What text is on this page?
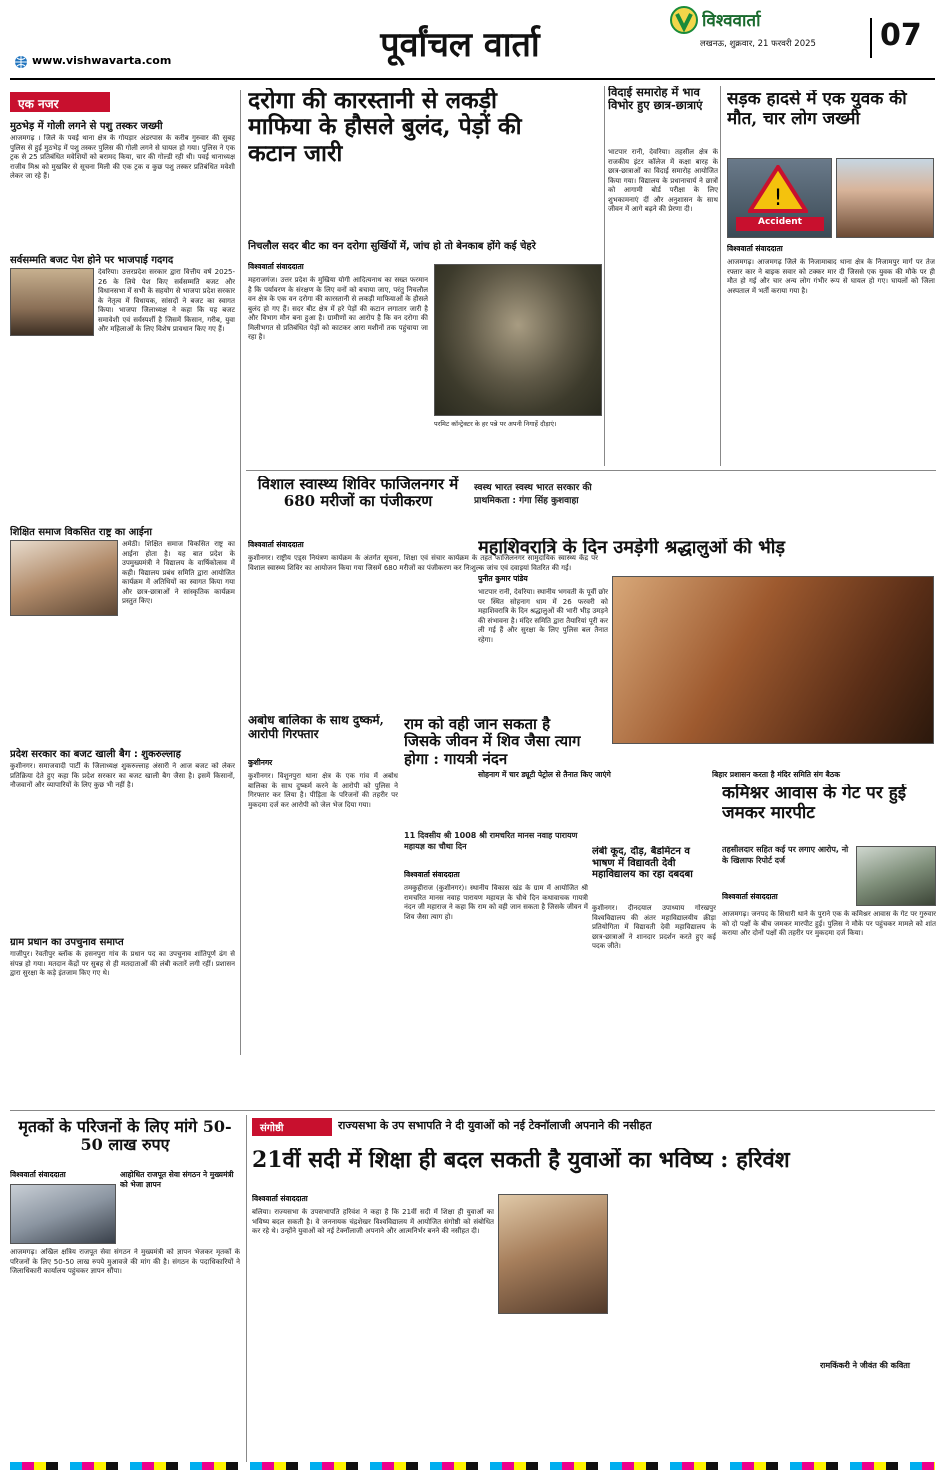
पूर्वांचल वार्ता
www.vishwavarta.com
विश्ववार्ता
लखनऊ, शुक्रवार, 21 फरवरी 2025	07
एक नजर
मुठभेड़ में गोली लगने से पशु तस्कर जख्मी
आजमगढ़ । जिले के पवई थाना क्षेत्र के गोयड़ार अंडरपास के करीब गुरुवार की सुबह पुलिस से हुई मुठभेड़ में पशु तस्कर पुलिस की गोली लगने से घायल हो गया। पुलिस ने एक ट्रक से 25 प्रतिबंधित मवेशियों को बरामद किया, चार की गोल्डी रही थी। पवई थानाध्यक्ष राजीव मिश्र को मुखबिर से सूचना मिली की एक ट्रक व कुछ पशु तस्कर प्रतिबंधित मवेशी लेकर जा रहे हैं।
सर्वसम्मति बजट पेश होने पर भाजपाई गदगद
देवरिया। उत्तरप्रदेश सरकार द्वारा वित्तीय वर्ष 2025-26 के लिये पेश किए सर्वसम्मति बजट और विधानसभा में सभी के सहयोग से भाजपा प्रदेश सरकार के नेतृत्व में विधायक, सांसदों ने बजट का स्वागत किया। भाजपा जिलाध्यक्ष ने कहा कि यह बजट समावेशी एवं सर्वस्पर्शी है जिसमें किसान, गरीब, युवा और महिलाओं के लिए विशेष प्रावधान किए गए हैं।
शिक्षित समाज विकसित राष्ट्र का आईना
अमेठी। शिक्षित समाज विकसित राष्ट्र का आईना होता है। यह बात प्रदेश के उपमुख्यमंत्री ने विद्यालय के वार्षिकोत्सव में कही। विद्यालय प्रबंध समिति द्वारा आयोजित कार्यक्रम में अतिथियों का स्वागत किया गया और छात्र-छात्राओं ने सांस्कृतिक कार्यक्रम प्रस्तुत किए।
प्रदेश सरकार का बजट खाली बैग : शुकरुल्लाह
कुशीनगर। समाजवादी पार्टी के जिलाध्यक्ष शुकरुल्लाह अंसारी ने आज बजट को लेकर प्रतिक्रिया देते हुए कहा कि प्रदेश सरकार का बजट खाली बैग जैसा है। इसमें किसानों, नौजवानों और व्यापारियों के लिए कुछ भी नहीं है।
ग्राम प्रधान का उपचुनाव समाप्त
गाजीपुर। रेवतीपुर ब्लॉक के हसनपुरा गांव के प्रधान पद का उपचुनाव शांतिपूर्ण ढंग से संपन्न हो गया। मतदान केंद्रों पर सुबह से ही मतदाताओं की लंबी कतारें लगी रहीं। प्रशासन द्वारा सुरक्षा के कड़े इंतजाम किए गए थे।
दरोगा की कारस्तानी से लकड़ी माफिया के हौसले बुलंद, पेड़ों की कटान जारी
निचलौल सदर बीट का वन दरोगा सुर्खियों में, जांच हो तो बेनकाब होंगे कई चेहरे
विश्ववार्ता संवाददाता
महराजगंज। उत्तर प्रदेश के मुखिया योगी आदित्यनाथ का सख्त फरमान है कि पर्यावरण के संरक्षण के लिए वनों को बचाया जाए, परंतु निचलौल वन क्षेत्र के एक वन दरोगा की कारस्तानी से लकड़ी माफियाओं के हौसले बुलंद हो गए हैं। सदर बीट क्षेत्र में हरे पेड़ों की कटान लगातार जारी है और विभाग मौन बना हुआ है। ग्रामीणों का आरोप है कि वन दरोगा की मिलीभगत से प्रतिबंधित पेड़ों को काटकर आरा मशीनों तक पहुंचाया जा रहा है।
परमिट कॉन्ट्रेक्टर के हर पन्ने पर अपनी निगाहें दौड़ाएं।
विदाई समारोह में भाव विभोर हुए छात्र-छात्राएं
भाटपार रानी, देवरिया। तहसील क्षेत्र के राजकीय इंटर कॉलेज में कक्षा बारह के छात्र-छात्राओं का विदाई समारोह आयोजित किया गया। विद्यालय के प्रधानाचार्य ने छात्रों को आगामी बोर्ड परीक्षा के लिए शुभकामनाएं दीं और अनुशासन के साथ जीवन में आगे बढ़ने की प्रेरणा दी।
सड़क हादसे में एक युवक की मौत, चार लोग जख्मी
!
Accident
विश्ववार्ता संवाददाता
आजमगढ़। आजमगढ़ जिले के निजामाबाद थाना क्षेत्र के निजामपुर मार्ग पर तेज रफ्तार कार ने बाइक सवार को टक्कर मार दी जिससे एक युवक की मौके पर ही मौत हो गई और चार अन्य लोग गंभीर रूप से घायल हो गए। घायलों को जिला अस्पताल में भर्ती कराया गया है।
विशाल स्वास्थ्य शिविर फाजिलनगर में 680 मरीजों का पंजीकरण
स्वस्थ भारत स्वस्थ भारत सरकार की प्राथमिकता : गंगा सिंह कुशवाहा
विश्ववार्ता संवाददाता
कुशीनगर। राष्ट्रीय एड्स नियंत्रण कार्यक्रम के अंतर्गत सूचना, शिक्षा एवं संचार कार्यक्रम के तहत फाजिलनगर सामुदायिक स्वास्थ्य केंद्र पर विशाल स्वास्थ्य शिविर का आयोजन किया गया जिसमें 680 मरीजों का पंजीकरण कर निःशुल्क जांच एवं दवाइयां वितरित की गईं।
महाशिवरात्रि के दिन उमड़ेगी श्रद्धालुओं की भीड़
पुनीत कुमार पांडेय
भाटपार रानी, देवरिया। स्थानीय भगवती के पूर्वी छोर पर स्थित सोहनाग धाम में 26 फरवरी को महाशिवरात्रि के दिन श्रद्धालुओं की भारी भीड़ उमड़ने की संभावना है। मंदिर समिति द्वारा तैयारियां पूरी कर ली गई हैं और सुरक्षा के लिए पुलिस बल तैनात रहेगा।
सोहनाग में चार ड्यूटी पेट्रोल से तैनात किए जाएंगे	बिहार प्रशासन करता है मंदिर समिति संग बैठक
लंबी कूद, दौड़, बैडमिंटन व भाषण में विद्यावती देवी महाविद्यालय का रहा दबदबा
कुशीनगर। दीनदयाल उपाध्याय गोरखपुर विश्वविद्यालय की अंतर महाविद्यालयीय क्रीड़ा प्रतियोगिता में विद्यावती देवी महाविद्यालय के छात्र-छात्राओं ने शानदार प्रदर्शन करते हुए कई पदक जीते।
अबोध बालिका के साथ दुष्कर्म, आरोपी गिरफ्तार
कुशीनगर
कुशीनगर। विशुनपुरा थाना क्षेत्र के एक गांव में अबोध बालिका के साथ दुष्कर्म करने के आरोपी को पुलिस ने गिरफ्तार कर लिया है। पीड़िता के परिजनों की तहरीर पर मुकदमा दर्ज कर आरोपी को जेल भेज दिया गया।
राम को वही जान सकता है जिसके जीवन में शिव जैसा त्याग होगा : गायत्री नंदन
11 दिवसीय श्री 1008 श्री रामचरित मानस नवाह पारायण महायज्ञ का चौथा दिन
विश्ववार्ता संवाददाता
तमकुहीराज (कुशीनगर)। स्थानीय विकास खंड के ग्राम में आयोजित श्री रामचरित मानस नवाह पारायण महायज्ञ के चौथे दिन कथावाचक गायत्री नंदन जी महाराज ने कहा कि राम को वही जान सकता है जिसके जीवन में शिव जैसा त्याग हो।
कमिश्नर आवास के गेट पर हुई जमकर मारपीट
तहसीलदार सहित कई पर लगाए आरोप, नो के खिलाफ रिपोर्ट दर्ज
विश्ववार्ता संवाददाता
आजमगढ़। जनपद के सिधारी थाने के पुराने एक के कमिश्नर आवास के गेट पर गुरुवार को दो पक्षों के बीच जमकर मारपीट हुई। पुलिस ने मौके पर पहुंचकर मामले को शांत कराया और दोनों पक्षों की तहरीर पर मुकदमा दर्ज किया।
मृतकों के परिजनों के लिए मांगे 50-50 लाख रुपए
आहोधित राजपूत सेवा संगठन ने मुख्यमंत्री को भेजा ज्ञापन
विश्ववार्ता संवाददाता
आजमगढ़। अखिल क्षत्रिय राजपूत सेवा संगठन ने मुख्यमंत्री को ज्ञापन भेजकर मृतकों के परिजनों के लिए 50-50 लाख रुपये मुआवजे की मांग की है। संगठन के पदाधिकारियों ने जिलाधिकारी कार्यालय पहुंचकर ज्ञापन सौंपा।
संगोष्ठी	राज्यसभा के उप सभापति ने दी युवाओं को नई टेक्नॉलाजी अपनाने की नसीहत
21वीं सदी में शिक्षा ही बदल सकती है युवाओं का भविष्य : हरिवंश
विश्ववार्ता संवाददाता
बलिया। राज्यसभा के उपसभापति हरिवंश ने कहा है कि 21वीं सदी में शिक्षा ही युवाओं का भविष्य बदल सकती है। वे जननायक चंद्रशेखर विश्वविद्यालय में आयोजित संगोष्ठी को संबोधित कर रहे थे। उन्होंने युवाओं को नई टेक्नॉलाजी अपनाने और आत्मनिर्भर बनने की नसीहत दी।
रामकिंकरी ने जीवंत की कविता
